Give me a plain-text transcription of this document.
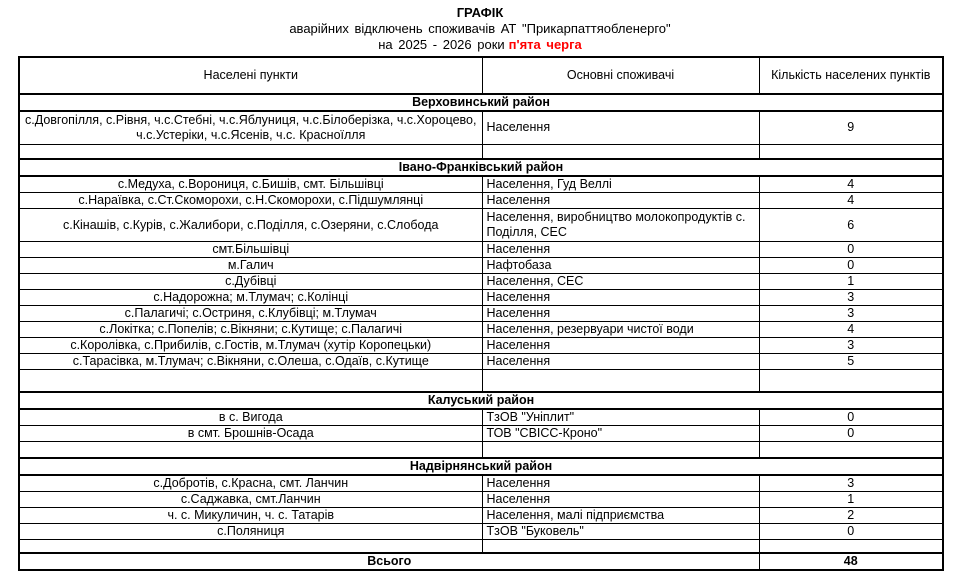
ГРАФІК
аварійних відключень споживачів АТ "Прикарпаттяобленерго"
на 2025 - 2026 роки п'ята черга
Населені пункти	Основні споживачі	Кількість населених пунктів
Верховинський район		
с.Довгопілля, с.Рівня, ч.с.Стебні, ч.с.Яблуниця, ч.с.Білоберізка, ч.с.Хороцево, ч.с.Устеріки, ч.с.Ясенів, ч.с. Красноїлля	Населення	9

Івано-Франківський район		
с.Медуха, с.Ворониця, с.Бишів, смт. Більшівці	Населення, Гуд Веллі	4
с.Нараївка, с.Ст.Скоморохи, с.Н.Скоморохи, с.Підшумлянці	Населення	4
с.Кінашів, с.Курів, с.Жалибори, с.Поділля, с.Озеряни, с.Слобода	Населення, виробництво молокопродуктів с. Поділля, СЕС	6
смт.Більшівці	Населення	0
м.Галич	Нафтобаза	0
с.Дубівці	Населення, СЕС	1
с.Надорожна; м.Тлумач; с.Колінці	Населення	3
с.Палагичі; с.Остриня, с.Клубівці; м.Тлумач	Населення	3
с.Локітка; с.Попелів; с.Вікняни; с.Кутище; с.Палагичі	Населення, резервуари чистої води	4
с.Королівка, с.Прибилів, с.Гостів, м.Тлумач (хутір Коропецьки)	Населення	3
с.Тарасівка, м.Тлумач; с.Вікняни, с.Олеша, с.Одаїв, с.Кутище	Населення	5

Калуський район		
в с. Вигода	ТзОВ "Уніплит"	0
в смт. Брошнів-Осада	ТОВ "СВІСС-Кроно"	0

Надвірнянський район		
с.Добротів, с.Красна, смт. Ланчин	Населення	3
с.Саджавка, смт.Ланчин	Населення	1
ч. с. Микуличин, ч. с. Татарів	Населення, малі підприємства	2
с.Поляниця	ТзОВ "Буковель"	0

Всього		48
